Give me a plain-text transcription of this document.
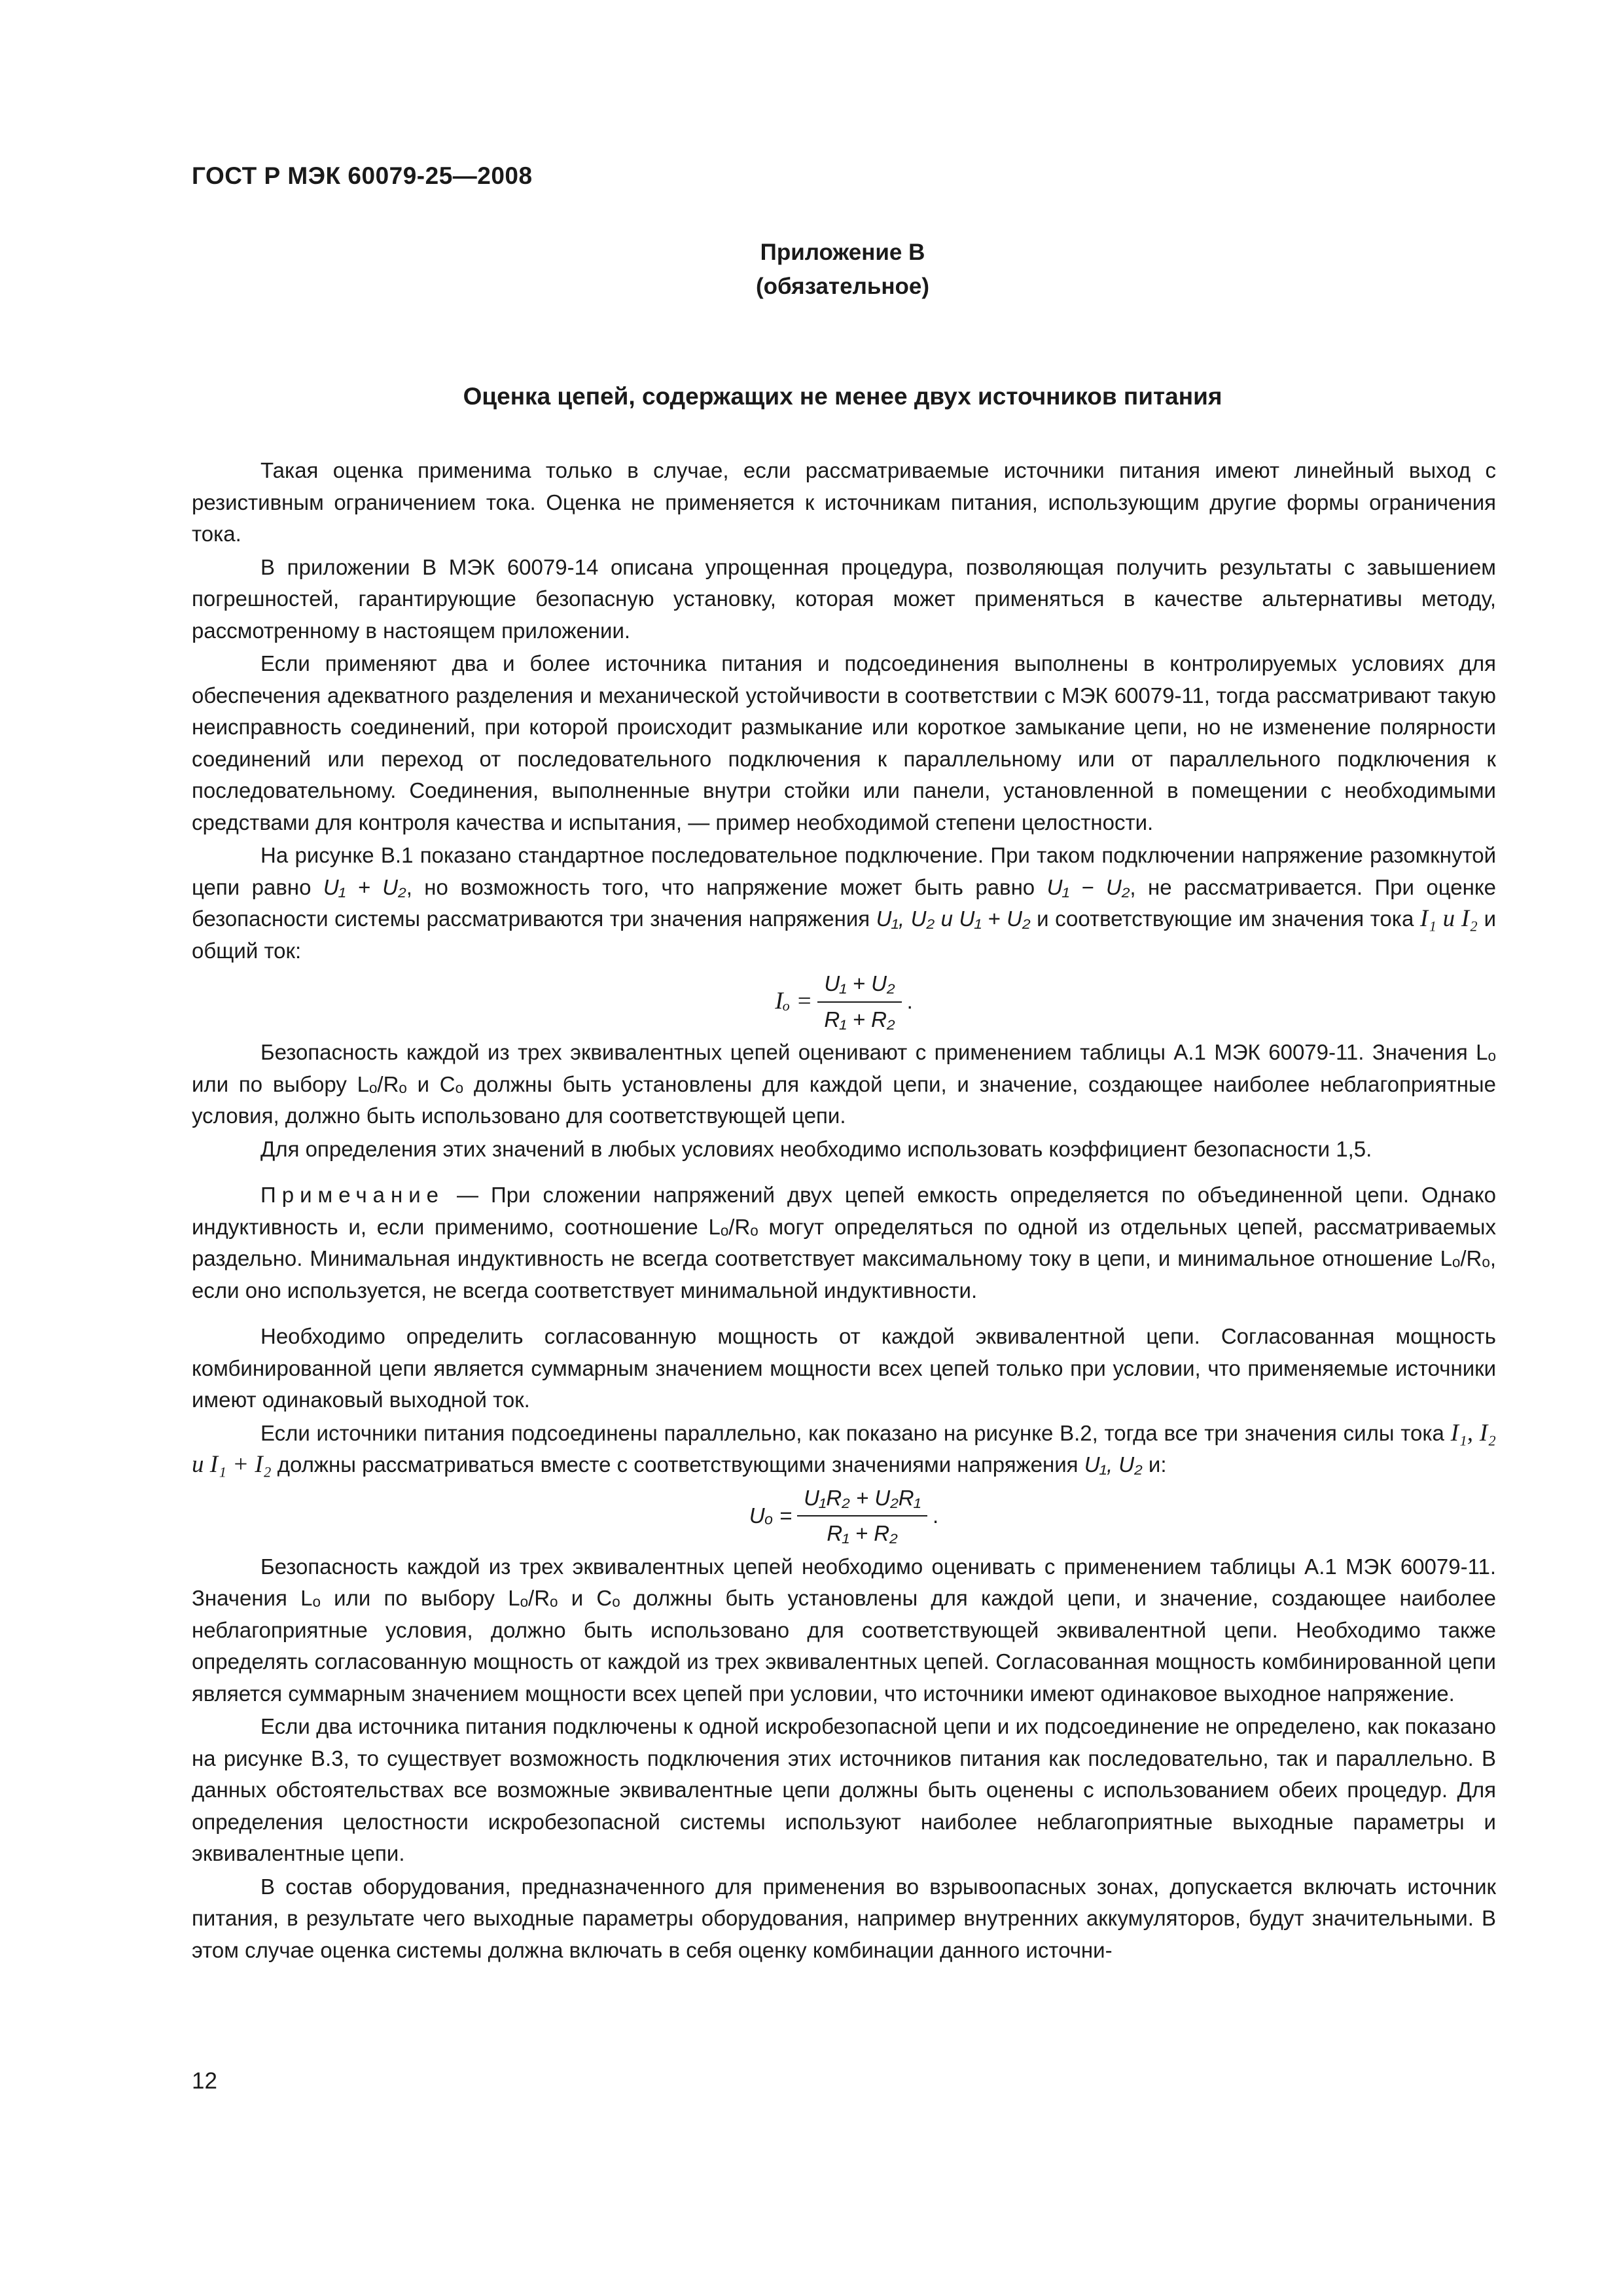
ГОСТ Р МЭК 60079-25—2008
Приложение В
(обязательное)
Оценка цепей, содержащих не менее двух источников питания

Такая оценка применима только в случае, если рассматриваемые источники питания имеют линейный выход с резистивным ограничением тока. Оценка не применяется к источникам питания, использующим другие формы ограничения тока.

В приложении В МЭК 60079-14 описана упрощенная процедура, позволяющая получить результаты с завышением погрешностей, гарантирующие безопасную установку, которая может применяться в качестве альтернативы методу, рассмотренному в настоящем приложении.

Если применяют два и более источника питания и подсоединения выполнены в контролируемых условиях для обеспечения адекватного разделения и механической устойчивости в соответствии с МЭК 60079-11, тогда рассматривают такую неисправность соединений, при которой происходит размыкание или короткое замыкание цепи, но не изменение полярности соединений или переход от последовательного подключения к параллельному или от параллельного подключения к последовательному. Соединения, выполненные внутри стойки или панели, установленной в помещении с необходимыми средствами для контроля качества и испытания, — пример необходимой степени целостности.

На рисунке В.1 показано стандартное последовательное подключение. При таком подключении напряжение разомкнутой цепи равно U₁ + U₂, но возможность того, что напряжение может быть равно U₁ − U₂, не рассматривается. При оценке безопасности системы рассматриваются три значения напряжения U₁, U₂ и U₁ + U₂ и соответствующие им значения тока I₁ и I₂ и общий ток:

$I_o = \frac{\text{U₁ + U₂}}{\text{R₁ + R₂}}$ .

Безопасность каждой из трех эквивалентных цепей оценивают с применением таблицы А.1 МЭК 60079-11. Значения Lₒ или по выбору Lₒ/Rₒ и Cₒ должны быть установлены для каждой цепи, и значение, создающее наиболее неблагоприятные условия, должно быть использовано для соответствующей цепи.

Для определения этих значений в любых условиях необходимо использовать коэффициент безопасности 1,5.

Примечание — При сложении напряжений двух цепей емкость определяется по объединенной цепи. Однако индуктивность и, если применимо, соотношение Lₒ/Rₒ могут определяться по одной из отдельных цепей, рассматриваемых раздельно. Минимальная индуктивность не всегда соответствует максимальному току в цепи, и минимальное отношение Lₒ/Rₒ, если оно используется, не всегда соответствует минимальной индуктивности.

Необходимо определить согласованную мощность от каждой эквивалентной цепи. Согласованная мощность комбинированной цепи является суммарным значением мощности всех цепей только при условии, что применяемые источники имеют одинаковый выходной ток.

Если источники питания подсоединены параллельно, как показано на рисунке В.2, тогда все три значения силы тока I₁, I₂ и I₁ + I₂ должны рассматриваться вместе с соответствующими значениями напряжения U₁, U₂ и:

$U_o = \frac{\text{U₁R₂ + U₂R₁}}{\text{R₁ + R₂}}$ .

Безопасность каждой из трех эквивалентных цепей необходимо оценивать с применением таблицы А.1 МЭК 60079-11. Значения Lₒ или по выбору Lₒ/Rₒ и Cₒ должны быть установлены для каждой цепи, и значение, создающее наиболее неблагоприятные условия, должно быть использовано для соответствующей эквивалентной цепи. Необходимо также определять согласованную мощность от каждой из трех эквивалентных цепей. Согласованная мощность комбинированной цепи является суммарным значением мощности всех цепей при условии, что источники имеют одинаковое выходное напряжение.

Если два источника питания подключены к одной искробезопасной цепи и их подсоединение не определено, как показано на рисунке В.3, то существует возможность подключения этих источников питания как последовательно, так и параллельно. В данных обстоятельствах все возможные эквивалентные цепи должны быть оценены с использованием обеих процедур. Для определения целостности искробезопасной системы используют наиболее неблагоприятные выходные параметры и эквивалентные цепи.

В состав оборудования, предназначенного для применения во взрывоопасных зонах, допускается включать источник питания, в результате чего выходные параметры оборудования, например внутренних аккумуляторов, будут значительными. В этом случае оценка системы должна включать в себя оценку комбинации данного источни-

12
